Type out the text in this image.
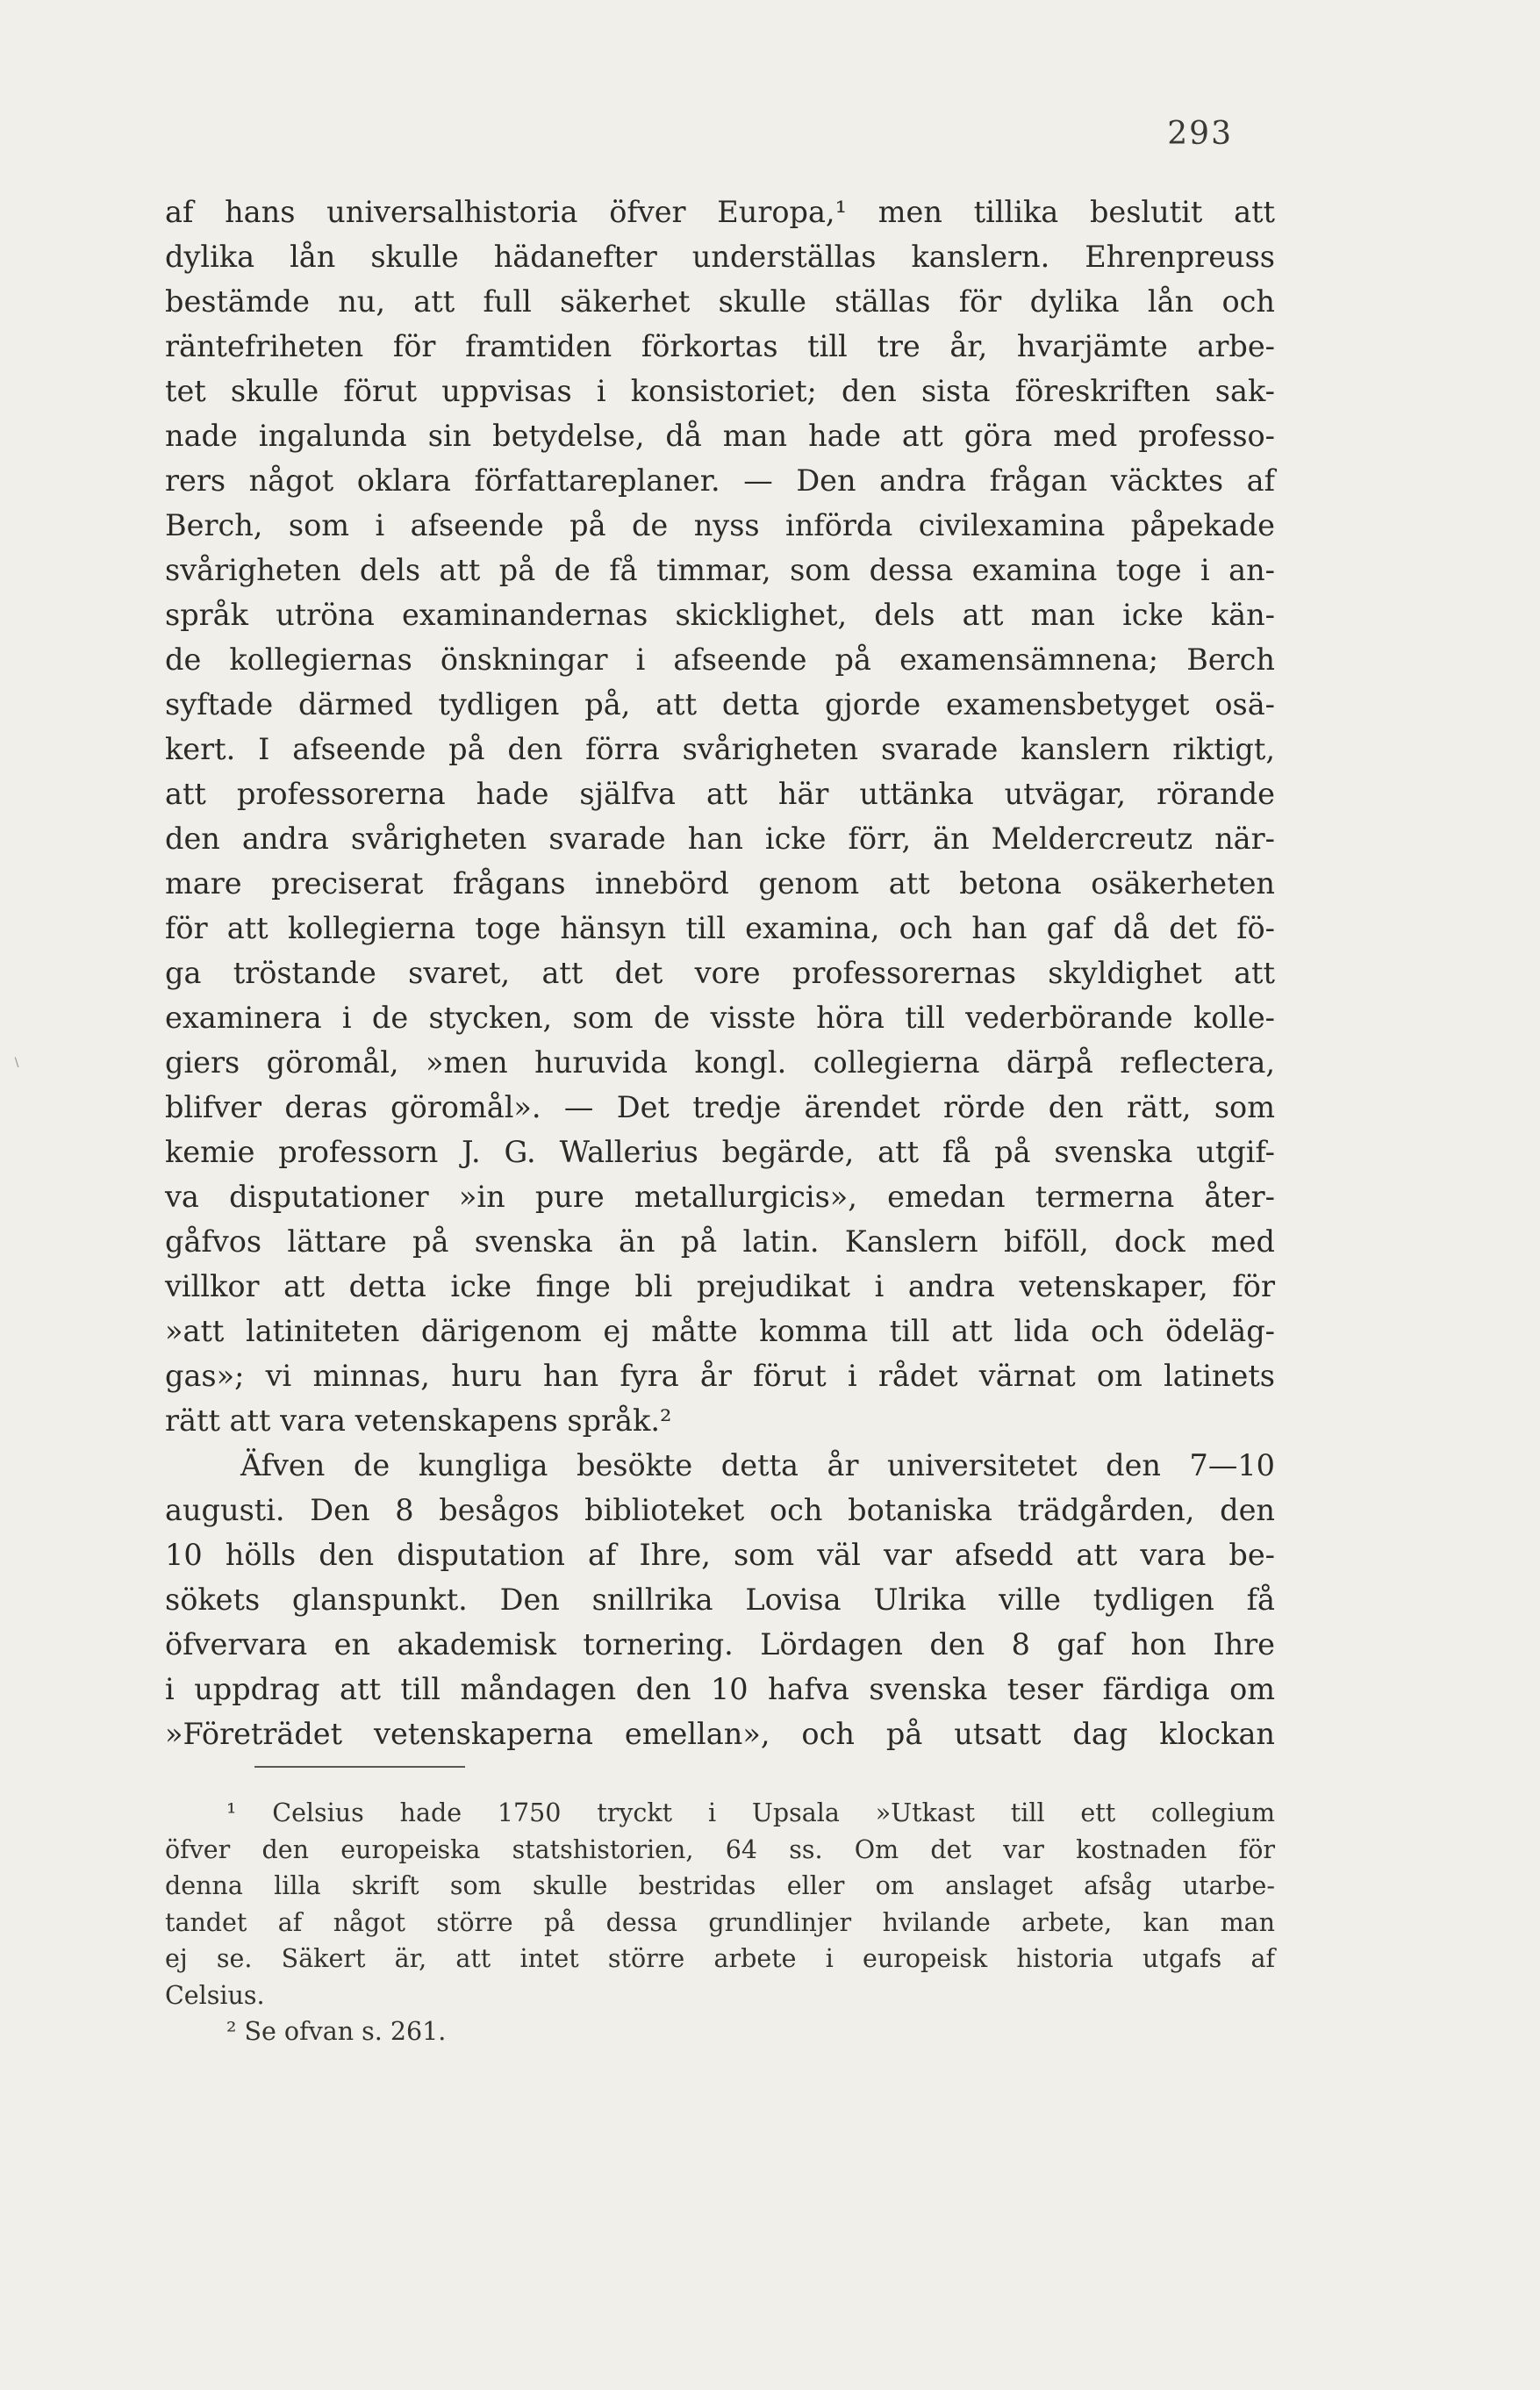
293
af hans universalhistoria öfver Europa,¹ men tillika beslutit att
dylika lån skulle hädanefter underställas kanslern. Ehrenpreuss
bestämde nu, att full säkerhet skulle ställas för dylika lån och
räntefriheten för framtiden förkortas till tre år, hvarjämte arbe-
tet skulle förut uppvisas i konsistoriet; den sista föreskriften sak-
nade ingalunda sin betydelse, då man hade att göra med professo-
rers något oklara författareplaner. — Den andra frågan väcktes af
Berch, som i afseende på de nyss införda civilexamina påpekade
svårigheten dels att på de få timmar, som dessa examina toge i an-
språk utröna examinandernas skicklighet, dels att man icke kän-
de kollegiernas önskningar i afseende på examensämnena; Berch
syftade därmed tydligen på, att detta gjorde examensbetyget osä-
kert. I afseende på den förra svårigheten svarade kanslern riktigt,
att professorerna hade själfva att här uttänka utvägar, rörande
den andra svårigheten svarade han icke förr, än Meldercreutz när-
mare preciserat frågans innebörd genom att betona osäkerheten
för att kollegierna toge hänsyn till examina, och han gaf då det fö-
ga tröstande svaret, att det vore professorernas skyldighet att
examinera i de stycken, som de visste höra till vederbörande kolle-
giers göromål, »men huruvida kongl. collegierna därpå reflectera,
blifver deras göromål». — Det tredje ärendet rörde den rätt, som
kemie professorn J. G. Wallerius begärde, att få på svenska utgif-
va disputationer »in pure metallurgicis», emedan termerna åter-
gåfvos lättare på svenska än på latin. Kanslern biföll, dock med
villkor att detta icke finge bli prejudikat i andra vetenskaper, för
»att latiniteten därigenom ej måtte komma till att lida och ödeläg-
gas»; vi minnas, huru han fyra år förut i rådet värnat om latinets
rätt att vara vetenskapens språk.²
Äfven de kungliga besökte detta år universitetet den 7—10
augusti. Den 8 besågos biblioteket och botaniska trädgården, den
10 hölls den disputation af Ihre, som väl var afsedd att vara be-
sökets glanspunkt. Den snillrika Lovisa Ulrika ville tydligen få
öfvervara en akademisk tornering. Lördagen den 8 gaf hon Ihre
i uppdrag att till måndagen den 10 hafva svenska teser färdiga om
»Företrädet vetenskaperna emellan», och på utsatt dag klockan
¹ Celsius hade 1750 tryckt i Upsala »Utkast till ett collegium
öfver den europeiska statshistorien, 64 ss. Om det var kostnaden för
denna lilla skrift som skulle bestridas eller om anslaget afsåg utarbe-
tandet af något större på dessa grundlinjer hvilande arbete, kan man
ej se. Säkert är, att intet större arbete i europeisk historia utgafs af
Celsius.
² Se ofvan s. 261.
∖
